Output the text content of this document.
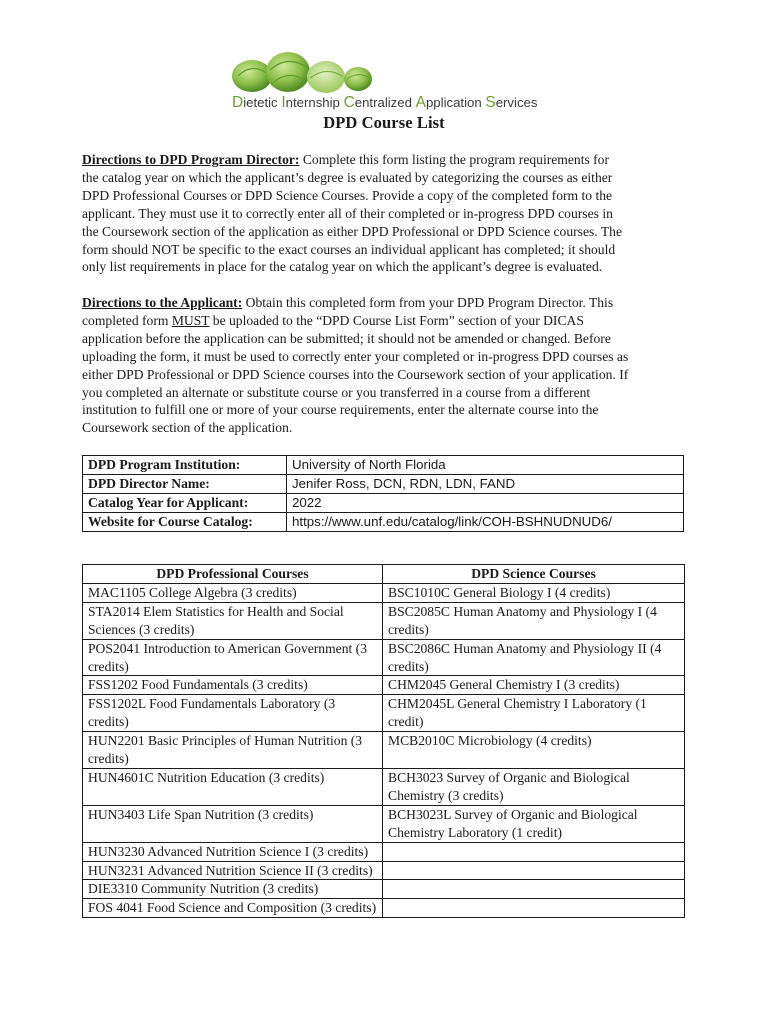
Dietetic Internship Centralized Application Services
DPD Course List
Directions to DPD Program Director: Complete this form listing the program requirements for
the catalog year on which the applicant’s degree is evaluated by categorizing the courses as either
DPD Professional Courses or DPD Science Courses. Provide a copy of the completed form to the
applicant. They must use it to correctly enter all of their completed or in-progress DPD courses in
the Coursework section of the application as either DPD Professional or DPD Science courses. The
form should NOT be specific to the exact courses an individual applicant has completed; it should
only list requirements in place for the catalog year on which the applicant’s degree is evaluated.
Directions to the Applicant: Obtain this completed form from your DPD Program Director. This
completed form MUST be uploaded to the “DPD Course List Form” section of your DICAS
application before the application can be submitted; it should not be amended or changed. Before
uploading the form, it must be used to correctly enter your completed or in-progress DPD courses as
either DPD Professional or DPD Science courses into the Coursework section of your application. If
you completed an alternate or substitute course or you transferred in a course from a different
institution to fulfill one or more of your course requirements, enter the alternate course into the
Coursework section of the application.
DPD Program Institution:	University of North Florida
DPD Director Name:	Jenifer Ross, DCN, RDN, LDN, FAND
Catalog Year for Applicant:	2022
Website for Course Catalog:	https://www.unf.edu/catalog/link/COH-BSHNUDNUD6/
DPD Professional Courses	DPD Science Courses
MAC1105 College Algebra (3 credits)	BSC1010C General Biology I (4 credits)
STA2014 Elem Statistics for Health and Social Sciences (3 credits)	BSC2085C Human Anatomy and Physiology I (4 credits)
POS2041 Introduction to American Government (3 credits)	BSC2086C Human Anatomy and Physiology II (4 credits)
FSS1202 Food Fundamentals (3 credits)	CHM2045 General Chemistry I (3 credits)
FSS1202L Food Fundamentals Laboratory (3 credits)	CHM2045L General Chemistry I Laboratory (1 credit)
HUN2201 Basic Principles of Human Nutrition (3 credits)	MCB2010C Microbiology (4 credits)
HUN4601C Nutrition Education (3 credits)	BCH3023 Survey of Organic and Biological Chemistry (3 credits)
HUN3403 Life Span Nutrition (3 credits)	BCH3023L Survey of Organic and Biological Chemistry Laboratory (1 credit)
HUN3230 Advanced Nutrition Science I (3 credits)	
HUN3231 Advanced Nutrition Science II (3 credits)	
DIE3310 Community Nutrition (3 credits)	
FOS 4041 Food Science and Composition (3 credits)	
